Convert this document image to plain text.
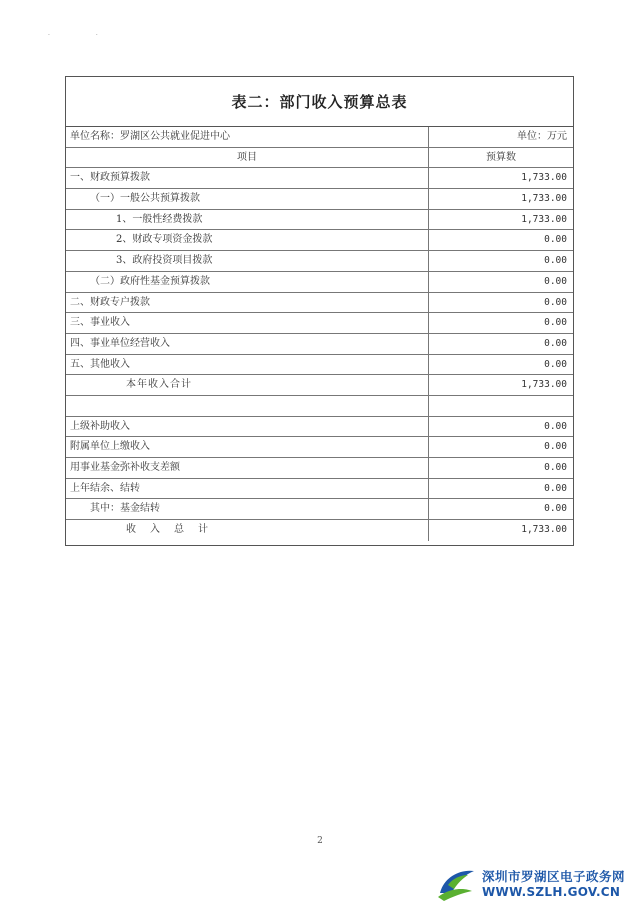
. .
表二：部门收入预算总表
单位名称：罗湖区公共就业促进中心	单位：万元
项目	预算数
一、财政预算拨款	1,733.00
（一）一般公共预算拨款	1,733.00
1、一般性经费拨款	1,733.00
2、财政专项资金拨款	0.00
3、政府投资项目拨款	0.00
（二）政府性基金预算拨款	0.00
二、财政专户拨款	0.00
三、事业收入	0.00
四、事业单位经营收入	0.00
五、其他收入	0.00
本年收入合计	1,733.00
上级补助收入	0.00
附属单位上缴收入	0.00
用事业基金弥补收支差额	0.00
上年结余、结转	0.00
其中：基金结转	0.00
收入总计	1,733.00
2
深圳市罗湖区电子政务网
WWW.SZLH.GOV.CN
